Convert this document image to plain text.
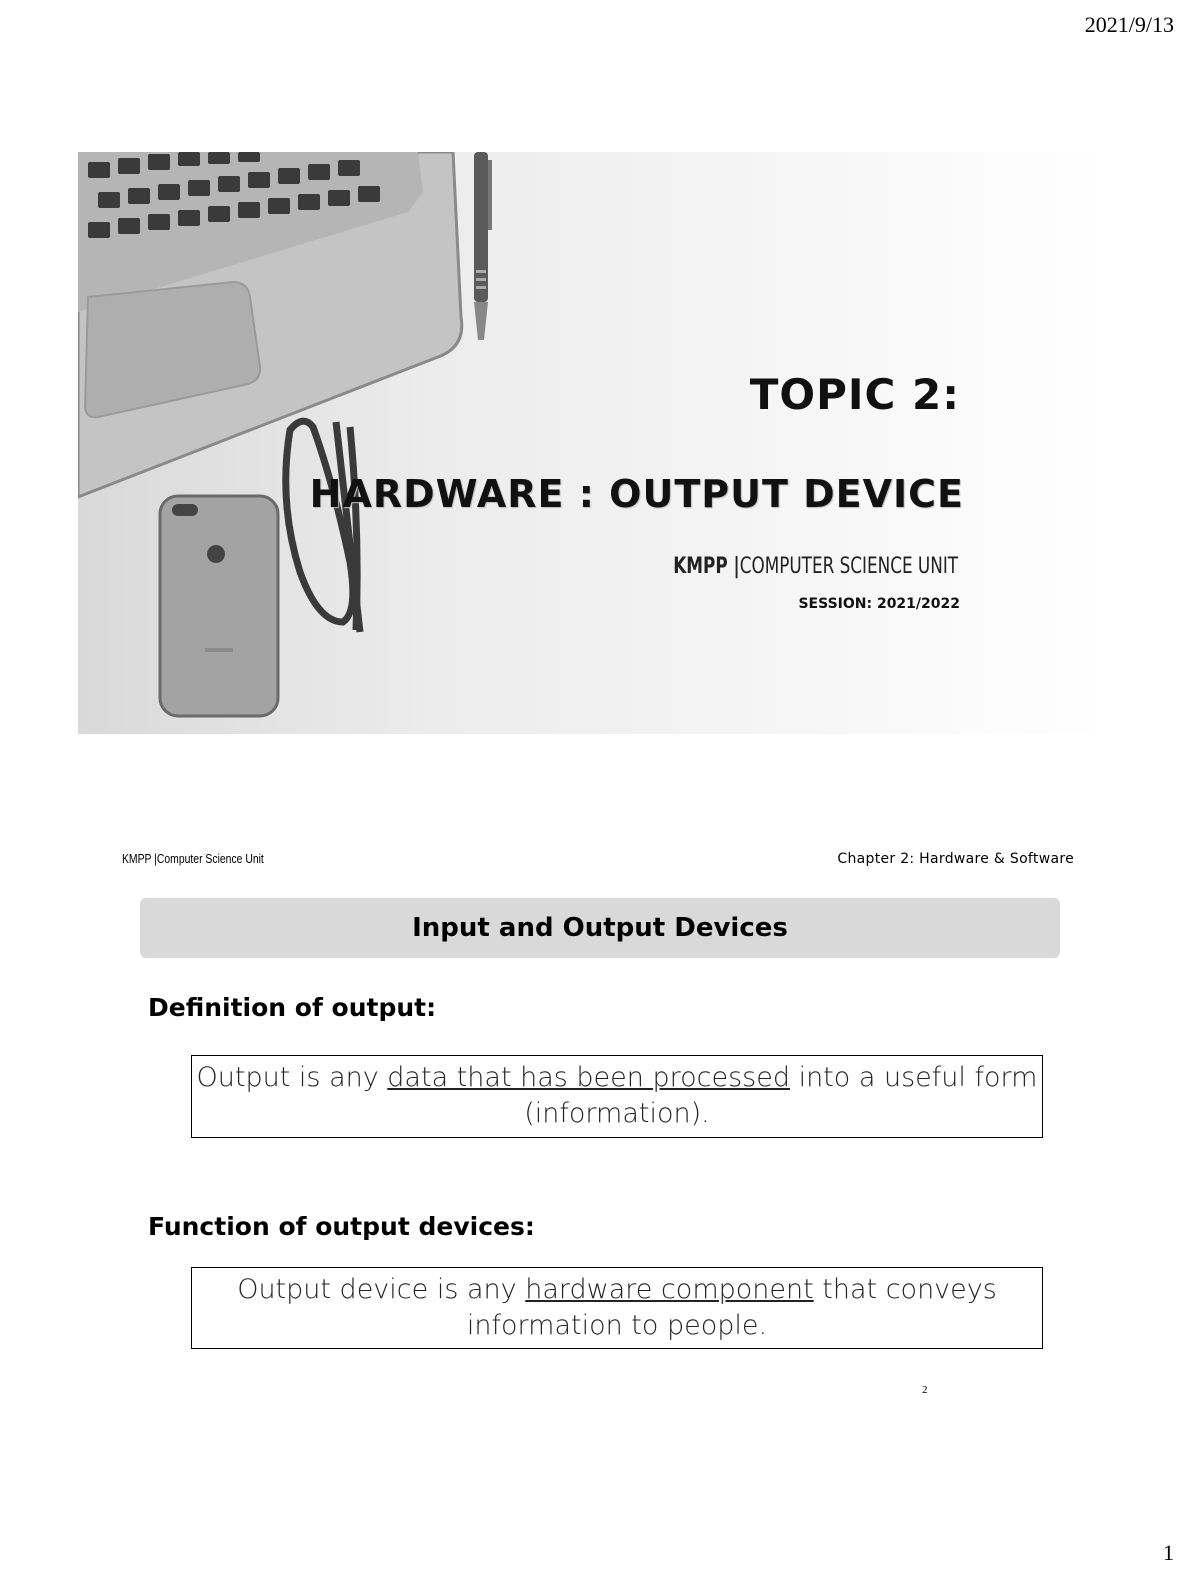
2021/9/13
TOPIC 2:
HARDWARE : OUTPUT DEVICE
KMPP |COMPUTER SCIENCE UNIT
SESSION: 2021/2022
KMPP |Computer Science Unit	Chapter 2: Hardware & Software
Input and Output Devices
Definition of output:
Output is any data that has been processed into a useful form (information).
Function of output devices:
Output device is any hardware component that conveys information to people.
2
1
